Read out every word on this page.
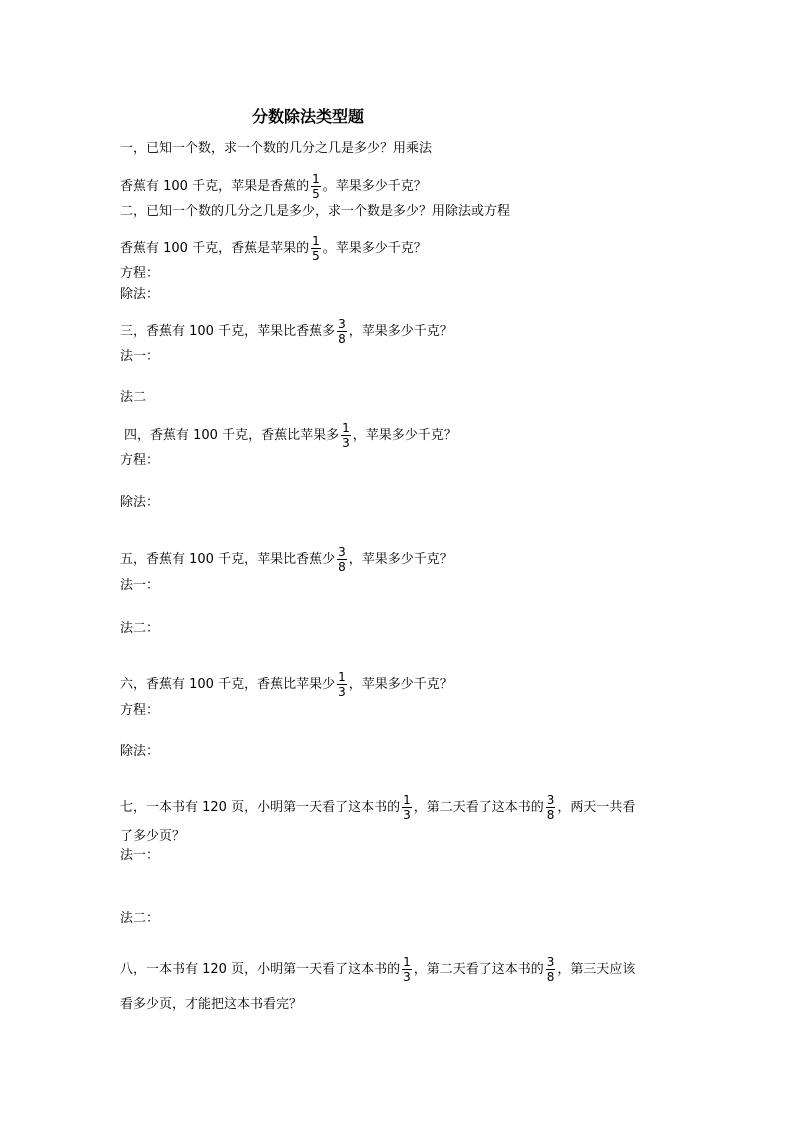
分数除法类型题
一，已知一个数，求一个数的几分之几是多少？用乘法
香蕉有 100 千克，苹果是香蕉的 $\frac{1}{5}$ 。苹果多少千克？
二，已知一个数的几分之几是多少，求一个数是多少？用除法或方程
香蕉有 100 千克，香蕉是苹果的 $\frac{1}{5}$ 。苹果多少千克？
方程：
除法：
三，香蕉有 100 千克，苹果比香蕉多 $\frac{3}{8}$ ，苹果多少千克？
法一：
法二
四，香蕉有 100 千克，香蕉比苹果多 $\frac{1}{3}$ ，苹果多少千克？
方程：
除法：
五，香蕉有 100 千克，苹果比香蕉少 $\frac{3}{8}$ ，苹果多少千克？
法一：
法二：
六，香蕉有 100 千克，香蕉比苹果少 $\frac{1}{3}$ ，苹果多少千克？
方程：
除法：
七，一本书有 120 页，小明第一天看了这本书的 $\frac{1}{3}$ ，第二天看了这本书的 $\frac{3}{8}$ ，两天一共看
了多少页？
法一：
法二：
八，一本书有 120 页，小明第一天看了这本书的 $\frac{1}{3}$ ，第二天看了这本书的 $\frac{3}{8}$ ，第三天应该
看多少页，才能把这本书看完？
